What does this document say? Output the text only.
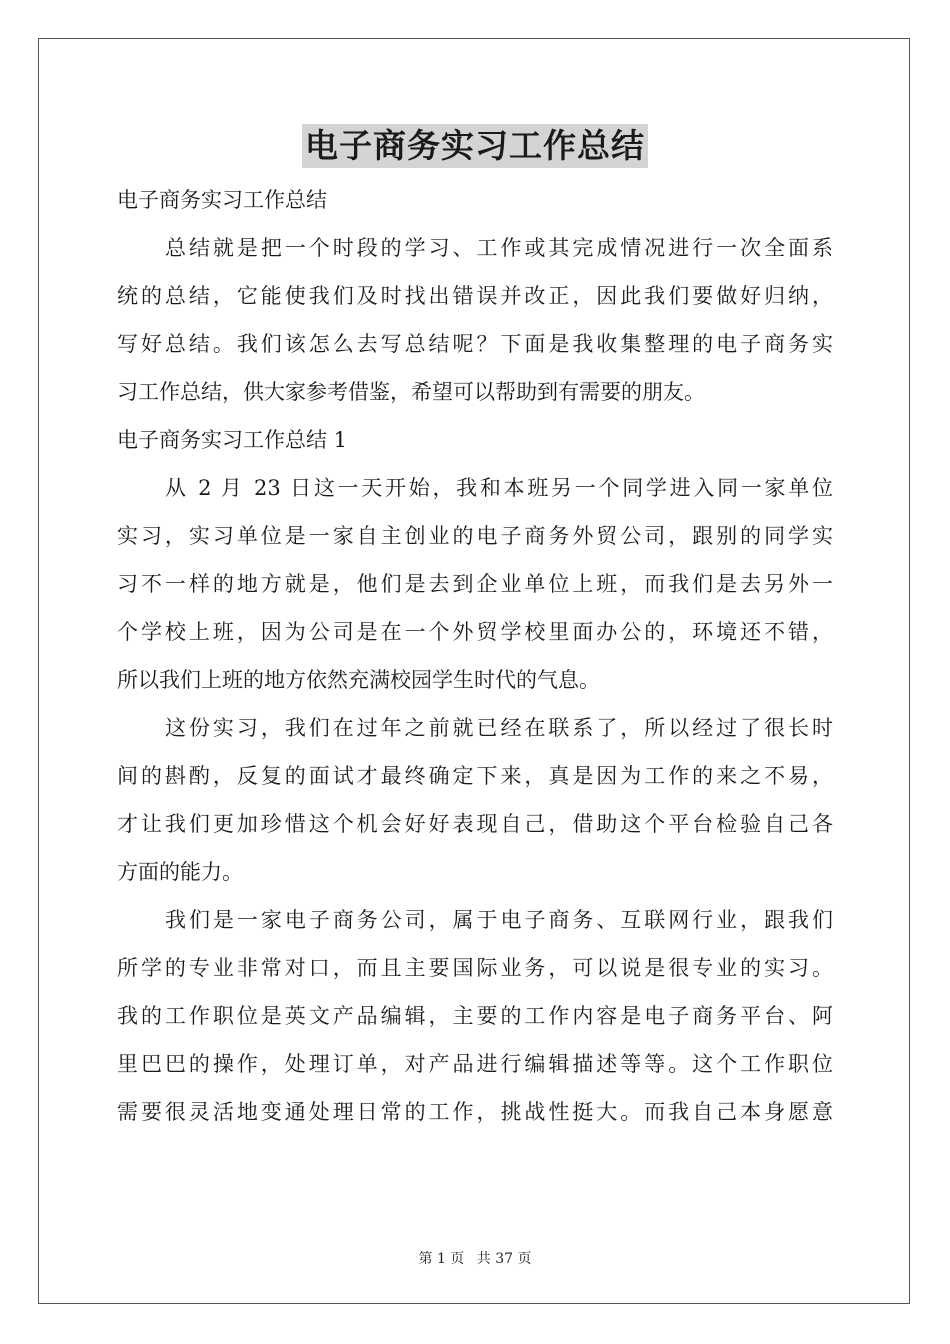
电子商务实习工作总结
电子商务实习工作总结
总结就是把一个时段的学习、工作或其完成情况进行一次全面系
统的总结，它能使我们及时找出错误并改正，因此我们要做好归纳，
写好总结。我们该怎么去写总结呢？下面是我收集整理的电子商务实
习工作总结，供大家参考借鉴，希望可以帮助到有需要的朋友。
电子商务实习工作总结 1
从 2 月 23 日这一天开始，我和本班另一个同学进入同一家单位
实习，实习单位是一家自主创业的电子商务外贸公司，跟别的同学实
习不一样的地方就是，他们是去到企业单位上班，而我们是去另外一
个学校上班，因为公司是在一个外贸学校里面办公的，环境还不错，
所以我们上班的地方依然充满校园学生时代的气息。
这份实习，我们在过年之前就已经在联系了，所以经过了很长时
间的斟酌，反复的面试才最终确定下来，真是因为工作的来之不易，
才让我们更加珍惜这个机会好好表现自己，借助这个平台检验自己各
方面的能力。
我们是一家电子商务公司，属于电子商务、互联网行业，跟我们
所学的专业非常对口，而且主要国际业务，可以说是很专业的实习。
我的工作职位是英文产品编辑，主要的工作内容是电子商务平台、阿
里巴巴的操作，处理订单，对产品进行编辑描述等等。这个工作职位
需要很灵活地变通处理日常的工作，挑战性挺大。而我自己本身愿意
第 1 页 共 37 页
